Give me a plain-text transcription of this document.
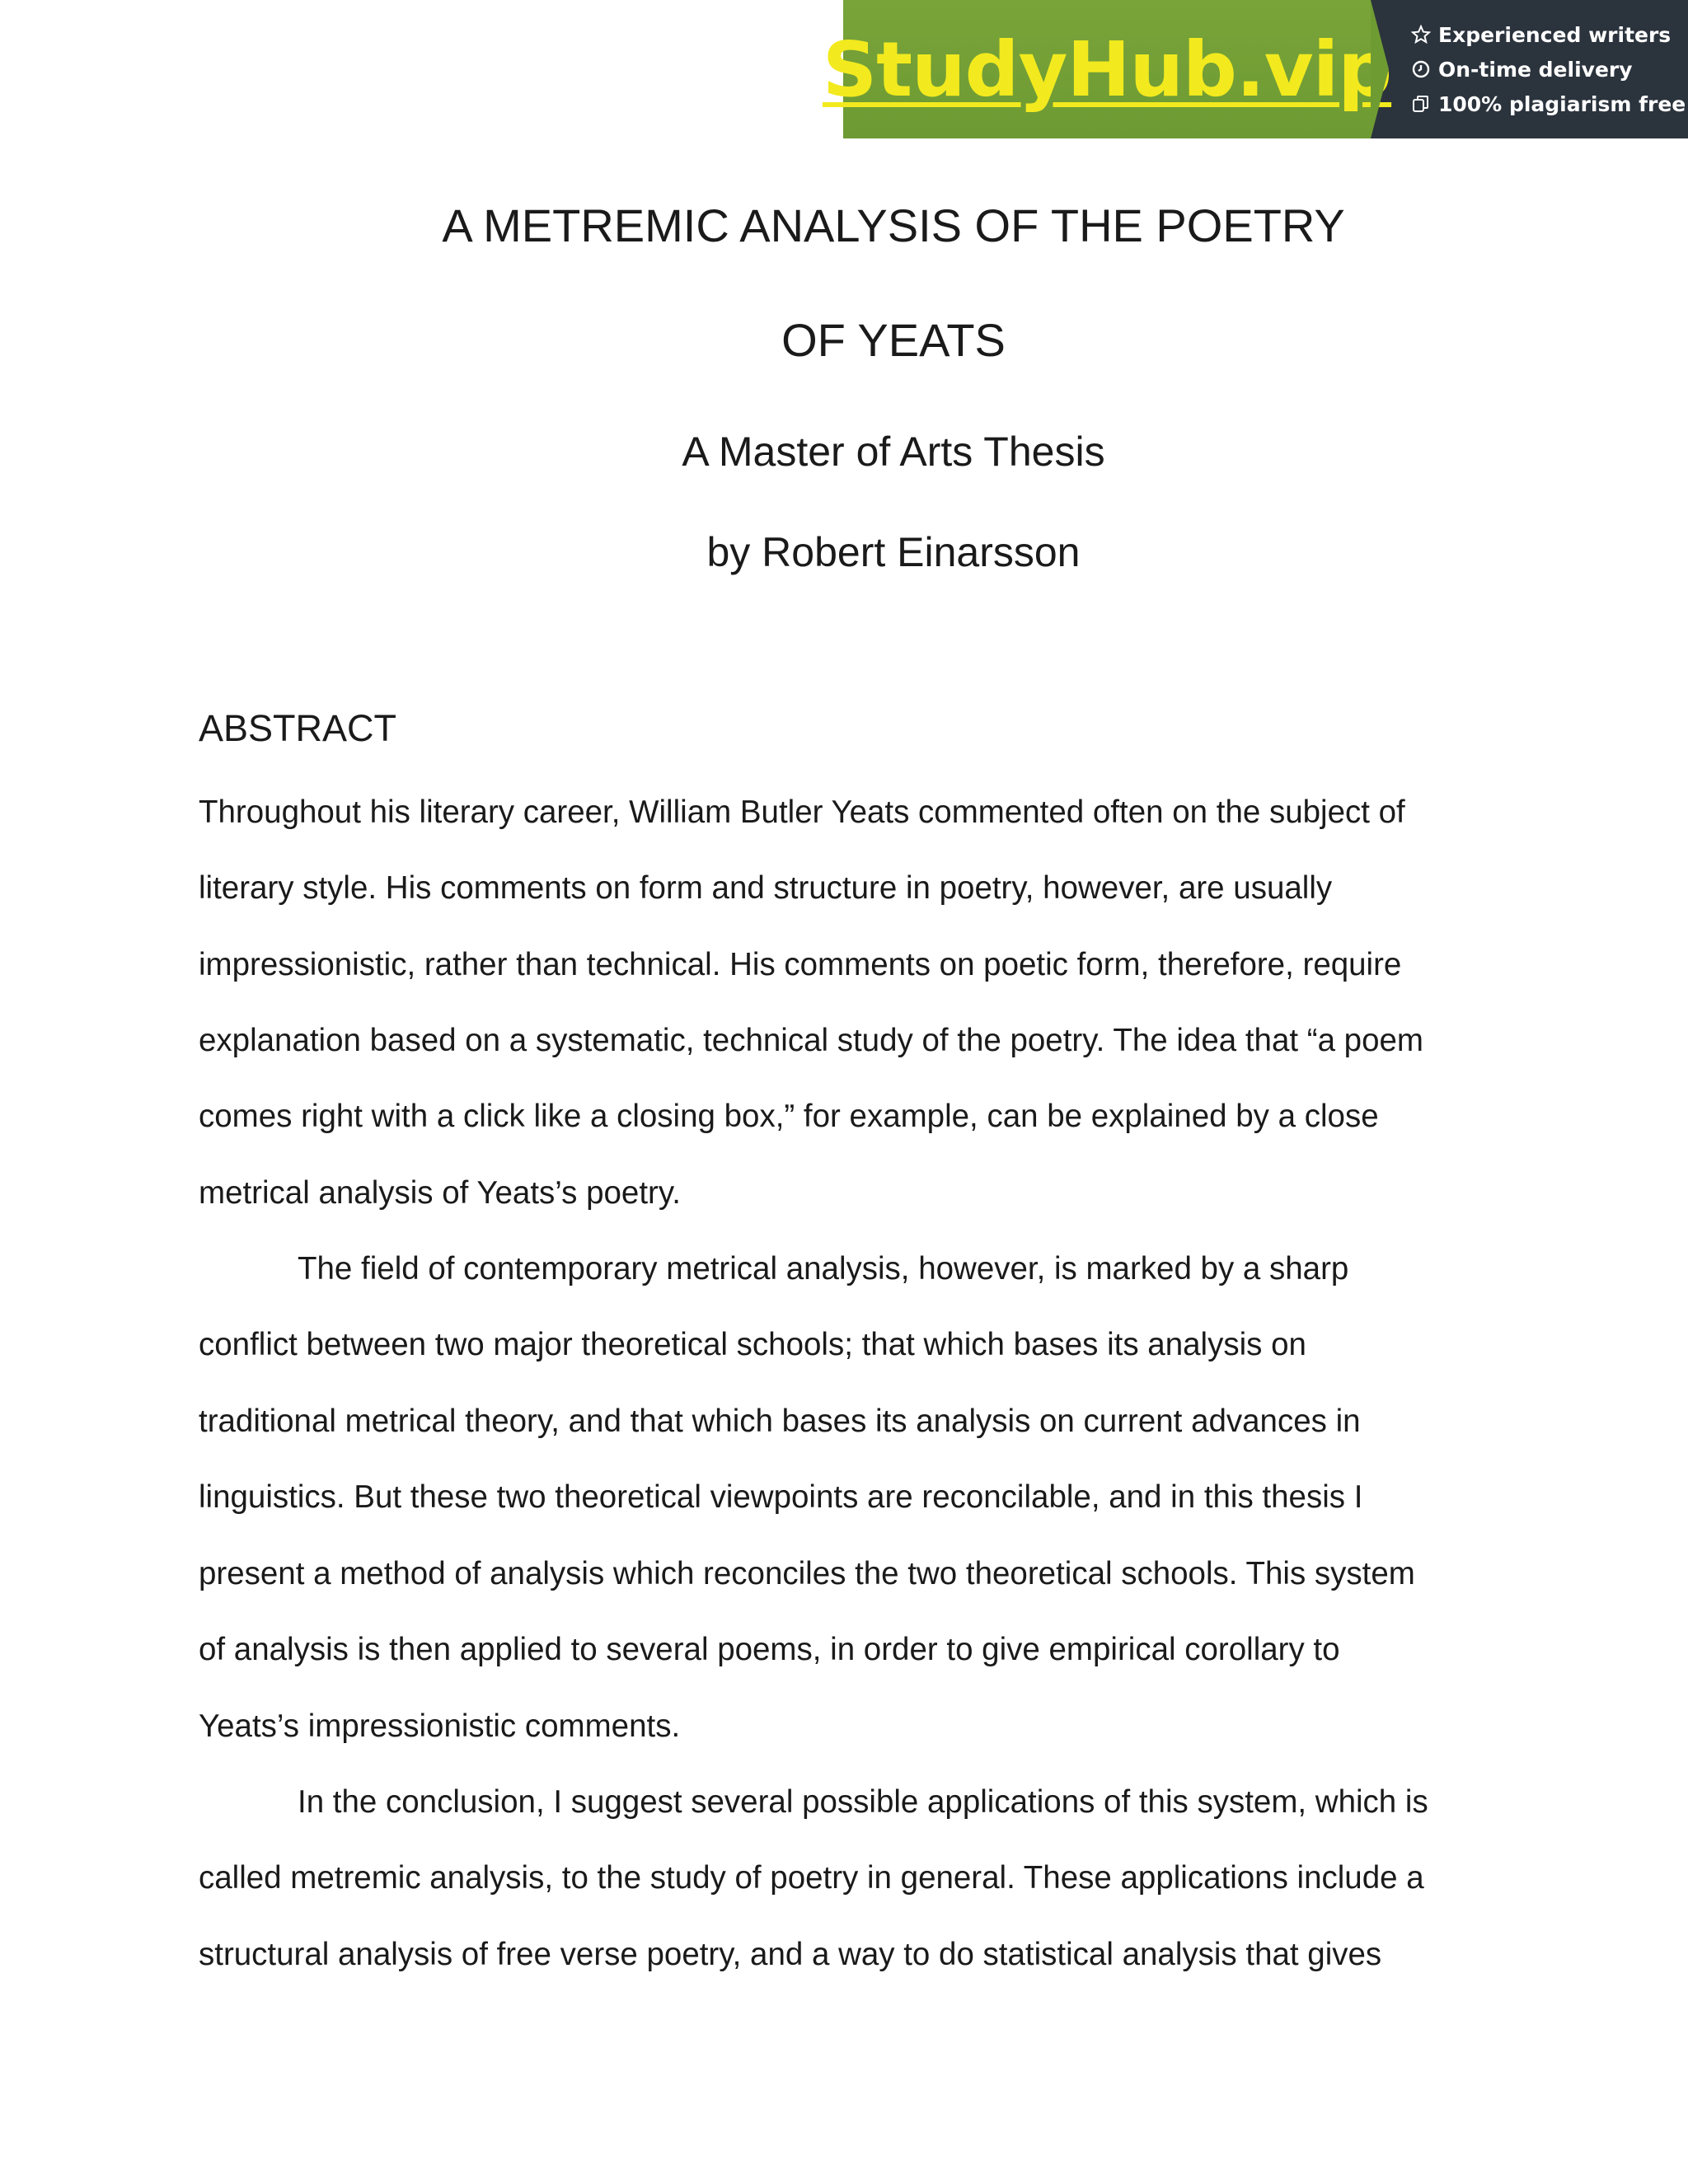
StudyHub.vip Experienced writers
On-time delivery
100% plagiarism free
A METREMIC ANALYSIS OF THE POETRY
OF YEATS
A Master of Arts Thesis
by Robert Einarsson
ABSTRACT
Throughout his literary career, William Butler Yeats commented often on the subject of
literary style. His comments on form and structure in poetry, however, are usually
impressionistic, rather than technical. His comments on poetic form, therefore, require
explanation based on a systematic, technical study of the poetry. The idea that “a poem
comes right with a click like a closing box,” for example, can be explained by a close
metrical analysis of Yeats’s poetry.
The field of contemporary metrical analysis, however, is marked by a sharp
conflict between two major theoretical schools; that which bases its analysis on
traditional metrical theory, and that which bases its analysis on current advances in
linguistics. But these two theoretical viewpoints are reconcilable, and in this thesis I
present a method of analysis which reconciles the two theoretical schools. This system
of analysis is then applied to several poems, in order to give empirical corollary to
Yeats’s impressionistic comments.
In the conclusion, I suggest several possible applications of this system, which is
called metremic analysis, to the study of poetry in general. These applications include a
structural analysis of free verse poetry, and a way to do statistical analysis that gives
